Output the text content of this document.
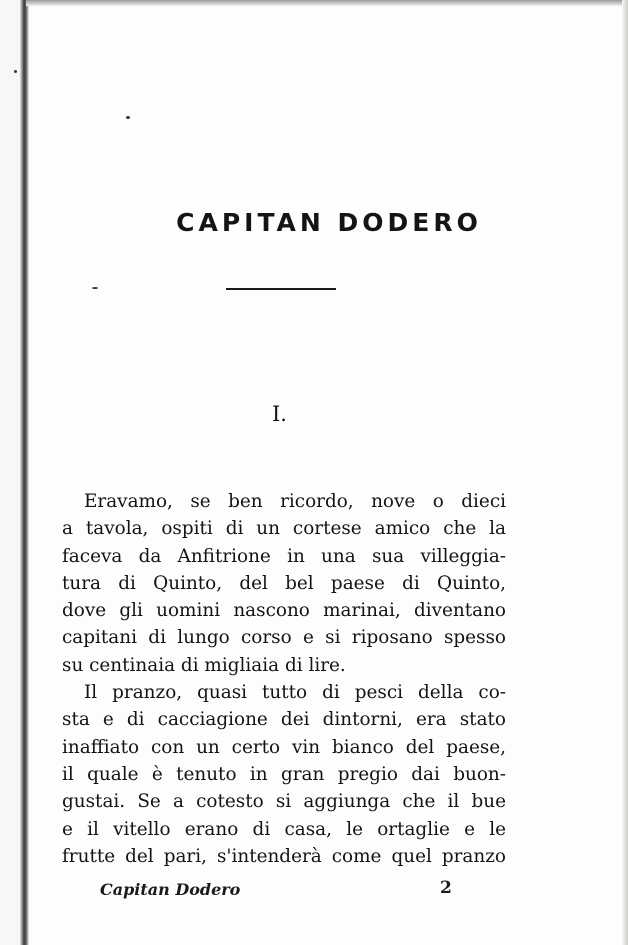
CAPITAN DODERO
I.
Eravamo, se ben ricordo, nove o dieci
a tavola, ospiti di un cortese amico che la
faceva da Anfitrione in una sua villeggia-
tura di Quinto, del bel paese di Quinto,
dove gli uomini nascono marinai, diventano
capitani di lungo corso e si riposano spesso
su centinaia di migliaia di lire.
Il pranzo, quasi tutto di pesci della co-
sta e di cacciagione dei dintorni, era stato
inaffiato con un certo vin bianco del paese,
il quale è tenuto in gran pregio dai buon-
gustai. Se a cotesto si aggiunga che il bue
e il vitello erano di casa, le ortaglie e le
frutte del pari, s'intenderà come quel pranzo
Capitan Dodero	2
